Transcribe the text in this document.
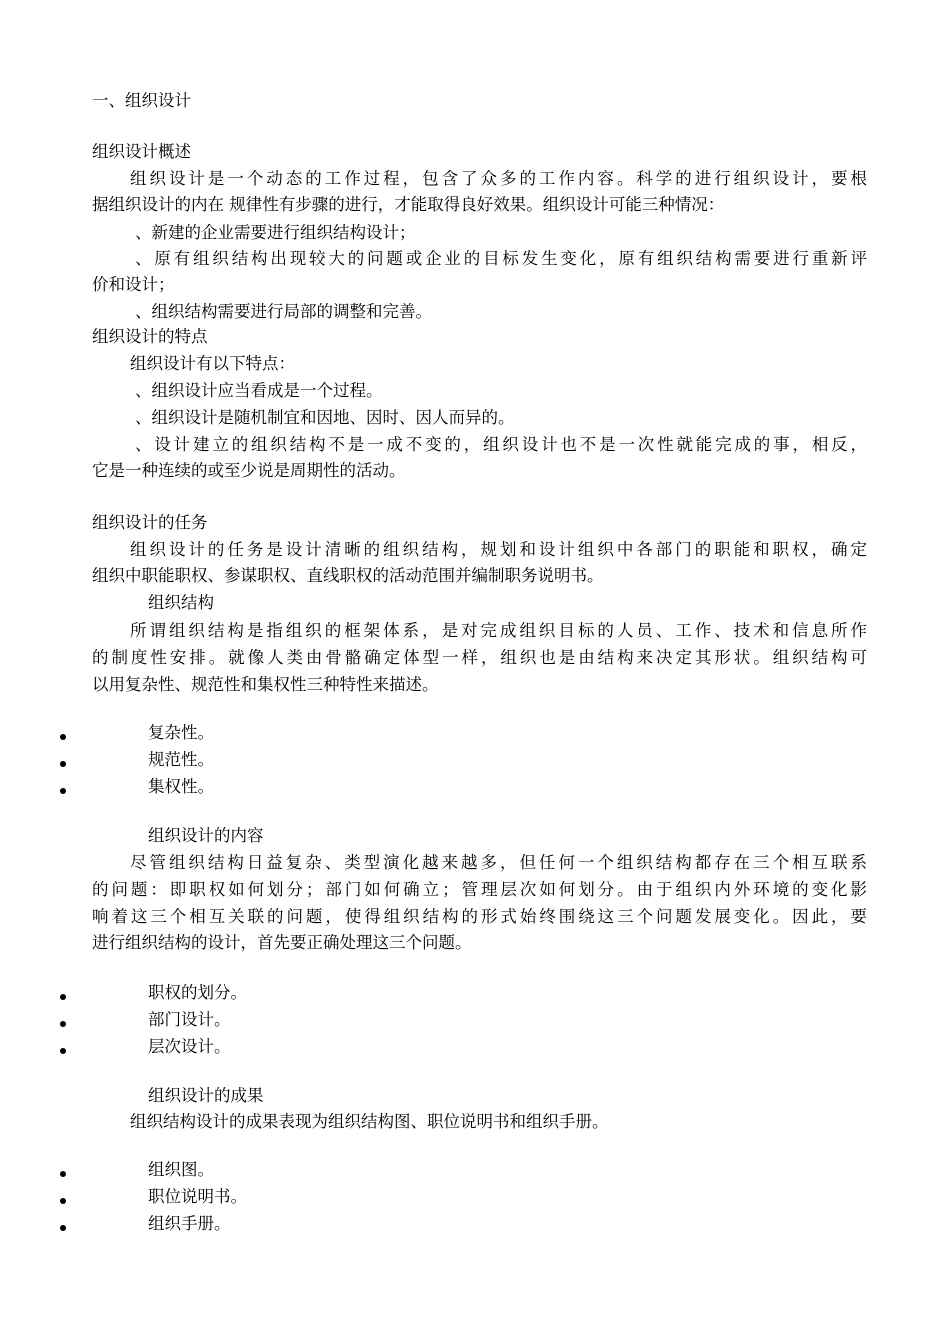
一、组织设计
组织设计概述
组织设计是一个动态的工作过程，包含了众多的工作内容。科学的进行组织设计，要根
据组织设计的内在 规律性有步骤的进行，才能取得良好效果。组织设计可能三种情况：
、新建的企业需要进行组织结构设计；
、原有组织结构出现较大的问题或企业的目标发生变化，原有组织结构需要进行重新评
价和设计；
、组织结构需要进行局部的调整和完善。
组织设计的特点
组织设计有以下特点：
、组织设计应当看成是一个过程。
、组织设计是随机制宜和因地、因时、因人而异的。
、设计建立的组织结构不是一成不变的，组织设计也不是一次性就能完成的事，相反，
它是一种连续的或至少说是周期性的活动。
组织设计的任务
组织设计的任务是设计清晰的组织结构，规划和设计组织中各部门的职能和职权，确定
组织中职能职权、参谋职权、直线职权的活动范围并编制职务说明书。
组织结构
所谓组织结构是指组织的框架体系，是对完成组织目标的人员、工作、技术和信息所作
的制度性安排。就像人类由骨骼确定体型一样，组织也是由结构来决定其形状。组织结构可
以用复杂性、规范性和集权性三种特性来描述。
复杂性。
规范性。
集权性。
组织设计的内容
尽管组织结构日益复杂、类型演化越来越多，但任何一个组织结构都存在三个相互联系
的问题：即职权如何划分；部门如何确立；管理层次如何划分。由于组织内外环境的变化影
响着这三个相互关联的问题，使得组织结构的形式始终围绕这三个问题发展变化。因此，要
进行组织结构的设计，首先要正确处理这三个问题。
职权的划分。
部门设计。
层次设计。
组织设计的成果
组织结构设计的成果表现为组织结构图、职位说明书和组织手册。
组织图。
职位说明书。
组织手册。
